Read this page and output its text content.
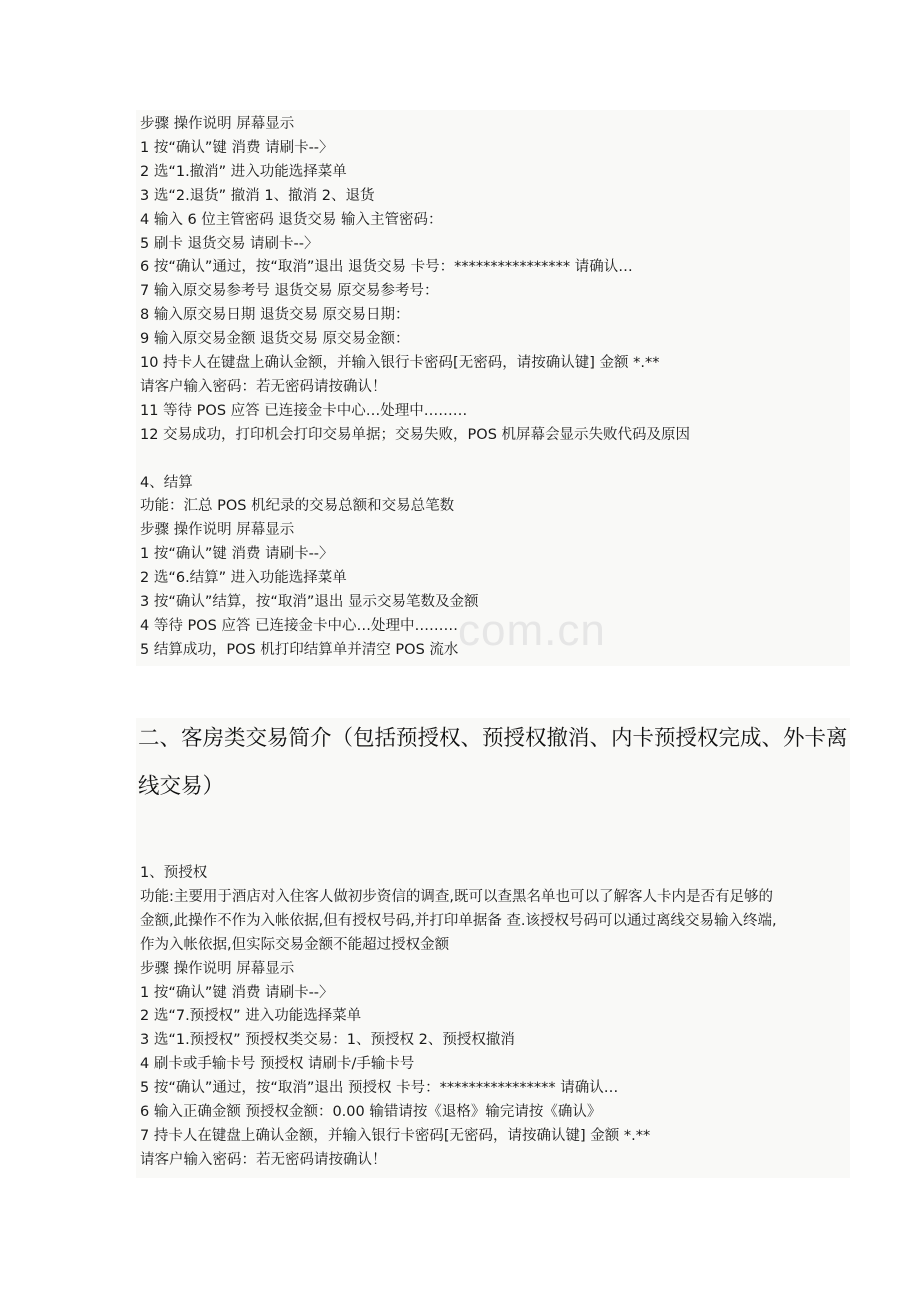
步骤 操作说明 屏幕显示
1 按“确认”键 消费 请刷卡--〉
2 选“1.撤消” 进入功能选择菜单
3 选“2.退货” 撤消 1、撤消 2、退货
4 输入 6 位主管密码 退货交易 输入主管密码：
5 刷卡 退货交易 请刷卡--〉
6 按“确认”通过，按“取消”退出 退货交易 卡号：**************** 请确认…
7 输入原交易参考号 退货交易 原交易参考号：
8 输入原交易日期 退货交易 原交易日期：
9 输入原交易金额 退货交易 原交易金额：
10 持卡人在键盘上确认金额，并输入银行卡密码[无密码，请按确认键] 金额 *.**
请客户输入密码：若无密码请按确认！
11 等待 POS 应答 已连接金卡中心…处理中………
12 交易成功，打印机会打印交易单据；交易失败，POS 机屏幕会显示失败代码及原因
4、结算
功能：汇总 POS 机纪录的交易总额和交易总笔数
步骤 操作说明 屏幕显示
1 按“确认”键 消费 请刷卡--〉
2 选“6.结算” 进入功能选择菜单
3 按“确认”结算，按“取消”退出 显示交易笔数及金额
4 等待 POS 应答 已连接金卡中心…处理中………
5 结算成功，POS 机打印结算单并清空 POS 流水 com.cn
二、客房类交易简介（包括预授权、预授权撤消、内卡预授权完成、外卡离
线交易）
1、预授权
功能:主要用于酒店对入住客人做初步资信的调查,既可以查黑名单也可以了解客人卡内是否有足够的
金额,此操作不作为入帐依据,但有授权号码,并打印单据备 查.该授权号码可以通过离线交易输入终端,
作为入帐依据,但实际交易金额不能超过授权金额
步骤 操作说明 屏幕显示
1 按“确认”键 消费 请刷卡--〉
2 选“7.预授权” 进入功能选择菜单
3 选“1.预授权” 预授权类交易：1、预授权 2、预授权撤消
4 刷卡或手输卡号 预授权 请刷卡/手输卡号
5 按“确认”通过，按“取消”退出 预授权 卡号：**************** 请确认…
6 输入正确金额 预授权金额：0.00 输错请按《退格》输完请按《确认》
7 持卡人在键盘上确认金额，并输入银行卡密码[无密码，请按确认键] 金额 *.**
请客户输入密码：若无密码请按确认！
